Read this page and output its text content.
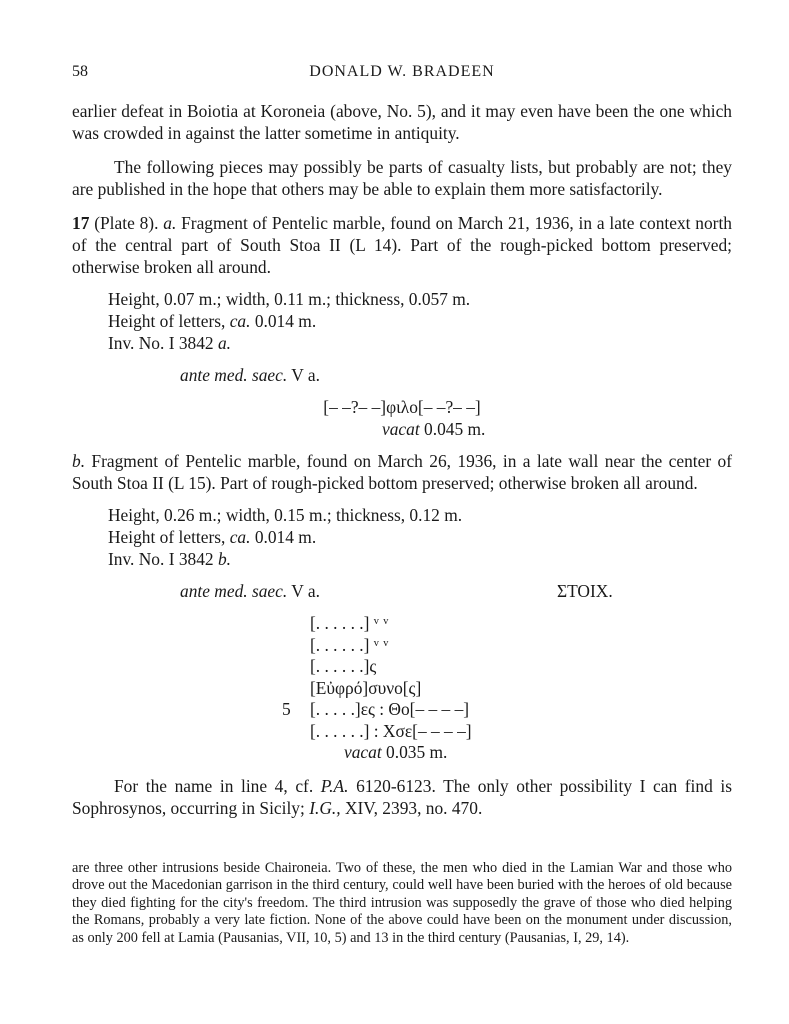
58	DONALD W. BRADEEN

earlier defeat in Boiotia at Koroneia (above, No. 5), and it may even have been the one which was crowded in against the latter sometime in antiquity.

The following pieces may possibly be parts of casualty lists, but probably are not; they are published in the hope that others may be able to explain them more satisfactorily.

17 (Plate 8). a. Fragment of Pentelic marble, found on March 21, 1936, in a late context north of the central part of South Stoa II (L 14). Part of the rough-picked bottom preserved; otherwise broken all around.

Height, 0.07 m.; width, 0.11 m.; thickness, 0.057 m.
Height of letters, ca. 0.014 m.
Inv. No. I 3842 a.
ante med. saec. V a.
[– –?– –]φιλο[– –?– –]
vacat 0.045 m.

b. Fragment of Pentelic marble, found on March 26, 1936, in a late wall near the center of South Stoa II (L 15). Part of rough-picked bottom preserved; otherwise broken all around.

Height, 0.26 m.; width, 0.15 m.; thickness, 0.12 m.
Height of letters, ca. 0.014 m.
Inv. No. I 3842 b.
ante med. saec. V a.	ΣΤΟΙΧ.
[. . . . . .] ᵛ ᵛ
[. . . . . .] ᵛ ᵛ
[. . . . . .]ς
[Εὐφρό]συνο[ς]
5 [. . . . .]ες : Θο[– – – –]
[. . . . . .] : Χσε[– – – –]
vacat 0.035 m.

For the name in line 4, cf. P.A. 6120-6123. The only other possibility I can find is Sophrosynos, occurring in Sicily; I.G., XIV, 2393, no. 470.

are three other intrusions beside Chaironeia. Two of these, the men who died in the Lamian War and those who drove out the Macedonian garrison in the third century, could well have been buried with the heroes of old because they died fighting for the city's freedom. The third intrusion was supposedly the grave of those who died helping the Romans, probably a very late fiction. None of the above could have been on the monument under discussion, as only 200 fell at Lamia (Pausanias, VII, 10, 5) and 13 in the third century (Pausanias, I, 29, 14).
